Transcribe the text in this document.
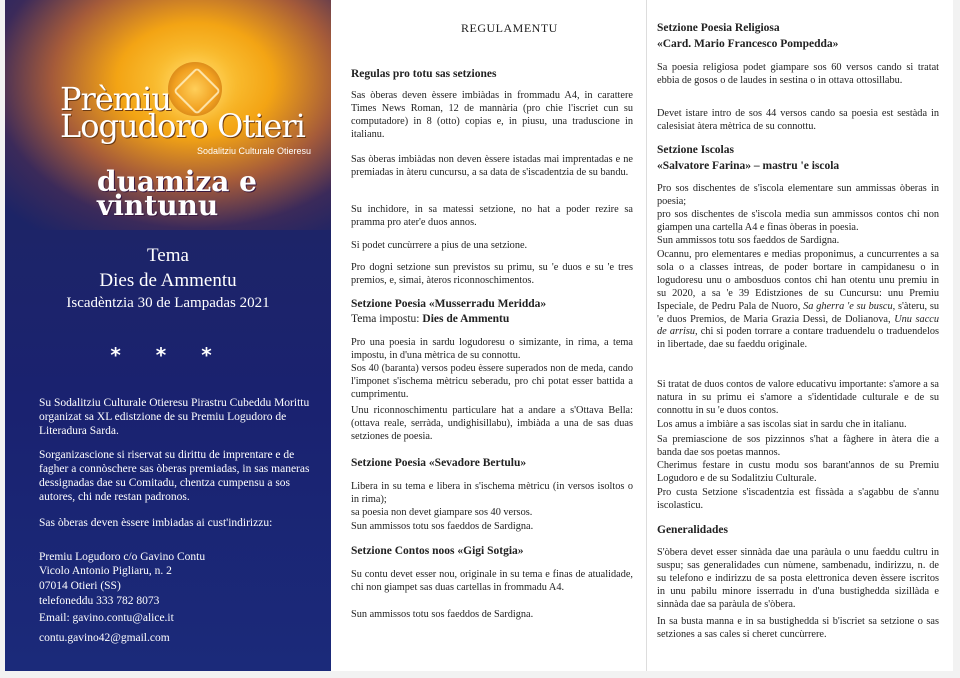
Prèmiu Logudoro Otieri
Sodalitziu Culturale Otieresu
duamiza e vintunu
Tema
Dies de Ammentu
Iscadèntzia 30 de Lampadas 2021
* * *

Su Sodalitziu Culturale Otieresu Pirastru Cubeddu Morittu organizat sa XL edistzione de su Premiu Logudoro de Literadura Sarda.

Sorganizascione si riservat su dirittu de imprentare e de fagher a connòschere sas òberas premiadas, in sas maneras dessignadas dae su Comitadu, chentza cumpensu a sos autores, chi nde restan padronos.

Sas òberas deven èssere imbiadas ai cust'indirizzu:

Premiu Logudoro c/o Gavino Contu

Vicolo Antonio Pigliaru, n. 2

07014 Otieri (SS)

telefoneddu 333 782 8073

Email: gavino.contu@alice.it

contu.gavino42@gmail.com

REGULAMENTU
Regulas pro totu sas setziones

Sas òberas deven èssere imbiàdas in frommadu A4, in carattere Times News Roman, 12 de mannària (pro chie l'iscriet cun su computadore) in 8 (otto) copias e, in piusu, una traduscione in italianu.

Sas òberas imbiàdas non deven èssere istadas mai imprentadas e ne premiadas in àteru cuncursu, a sa data de s'iscadentzia de su bandu.

Su inchidore, in sa matessi setzione, no hat a poder rezire sa pramma pro ater'e duos annos.

Si podet cuncùrrere a pius de una setzione.

Pro dogni setzione sun previstos su primu, su 'e duos e su 'e tres premios, e, simai, àteros riconnoschimentos.

Setzione Poesia «Musserradu Meridda»
Tema impostu: Dies de Ammentu

Pro una poesia in sardu logudoresu o simizante, in rima, a tema impostu, in d'una mètrica de su connottu.

Sos 40 (baranta) versos podeu èssere superados non de meda, cando l'imponet s'ischema mètricu seberadu, pro chi potat esser battida a cumprimentu.

Unu riconnoschimentu particulare hat a andare a s'Ottava Bella: (ottava reale, serràda, undighisillabu), imbiàda a una de sas duas setziones de poesia.

Setzione Poesia «Sevadore Bertulu»

Libera in su tema e libera in s'ischema mètricu (in versos isoltos o in rima);

sa poesia non devet giamparе sos 40 versos.

Sun ammissos totu sos faeddos de Sardigna.

Setzione Contos noos «Gigi Sotgia»

Su contu devet esser nou, originale in su tema e finas de atualidade, chi non giampet sas duas cartellas in frommadu A4.

Sun ammissos totu sos faeddos de Sardigna.

Setzione Poesia Religiosa
«Card. Mario Francesco Pompedda»

Sa poesia religiosa podet giampare sos 60 versos cando si tratat ebbia de gosos o de laudes in sestina o in ottava ottosillabu.

Devet istare intro de sos 44 versos cando sa poesia est sestàda in calesisiat àtera mètrica de su connottu.

Setzione Iscolas
«Salvatore Farina» – mastru 'e iscola

Pro sos dischentes de s'iscola elementare sun ammissas òberas in poesia;

pro sos dischentes de s'iscola media sun ammissos contos chi non giampen una cartella A4 e finas òberas in poesia.

Sun ammissos totu sos faeddos de Sardigna.

Ocannu, pro elementares e medias proponimus, a cuncurrentes a sa sola o a classes intreas, de poder bortare in campidanesu o in logudoresu unu o ambosduos contos chi han otentu unu premiu in su 2020, a sa 'e 39 Edistziones de su Cuncursu: unu Premiu Ispeciale, de Pedru Pala de Nuoro, Sa gherra 'e su buscu, s'àteru, su 'e duos Premios, de Maria Grazia Dessì, de Dolianova, Unu saccu de arrisu, chi si poden torrare a contare traduendelu o traduendelos in libertade, dae su faeddu originale.

Si tratat de duos contos de valore educativu importante: s'amore a sa natura in su primu ei s'amore a s'identidade culturale e de su connottu in su 'e duos contos.

Los amus a imbiàre a sas iscolas siat in sardu che in italianu.

Sa premiascione de sos pizzinnos s'hat a fàghere in àtera die a banda dae sos poetas mannos.

Cherimus festare in custu modu sos barant'annos de su Premiu Logudoro e de su Sodalitziu Culturale.

Pro custa Setzione s'iscadentzia est fissàda a s'agabbu de s'annu iscolasticu.

Generalidades

S'òbera devet esser sinnàda dae una paràula o unu faeddu cultru in suspu; sas generalidades cun nùmene, sambenadu, indirizzu, n. de su telefono e indirizzu de sa posta elettronica deven èssere iscritos in unu pabilu minore isserradu in d'una bustighedda sizillàda e sinnàda dae sa paràula de s'òbera.

In sa busta manna e in sa bustighedda si b'iscriet sa setzione o sas setziones a sas cales si cheret cuncùrrere.
